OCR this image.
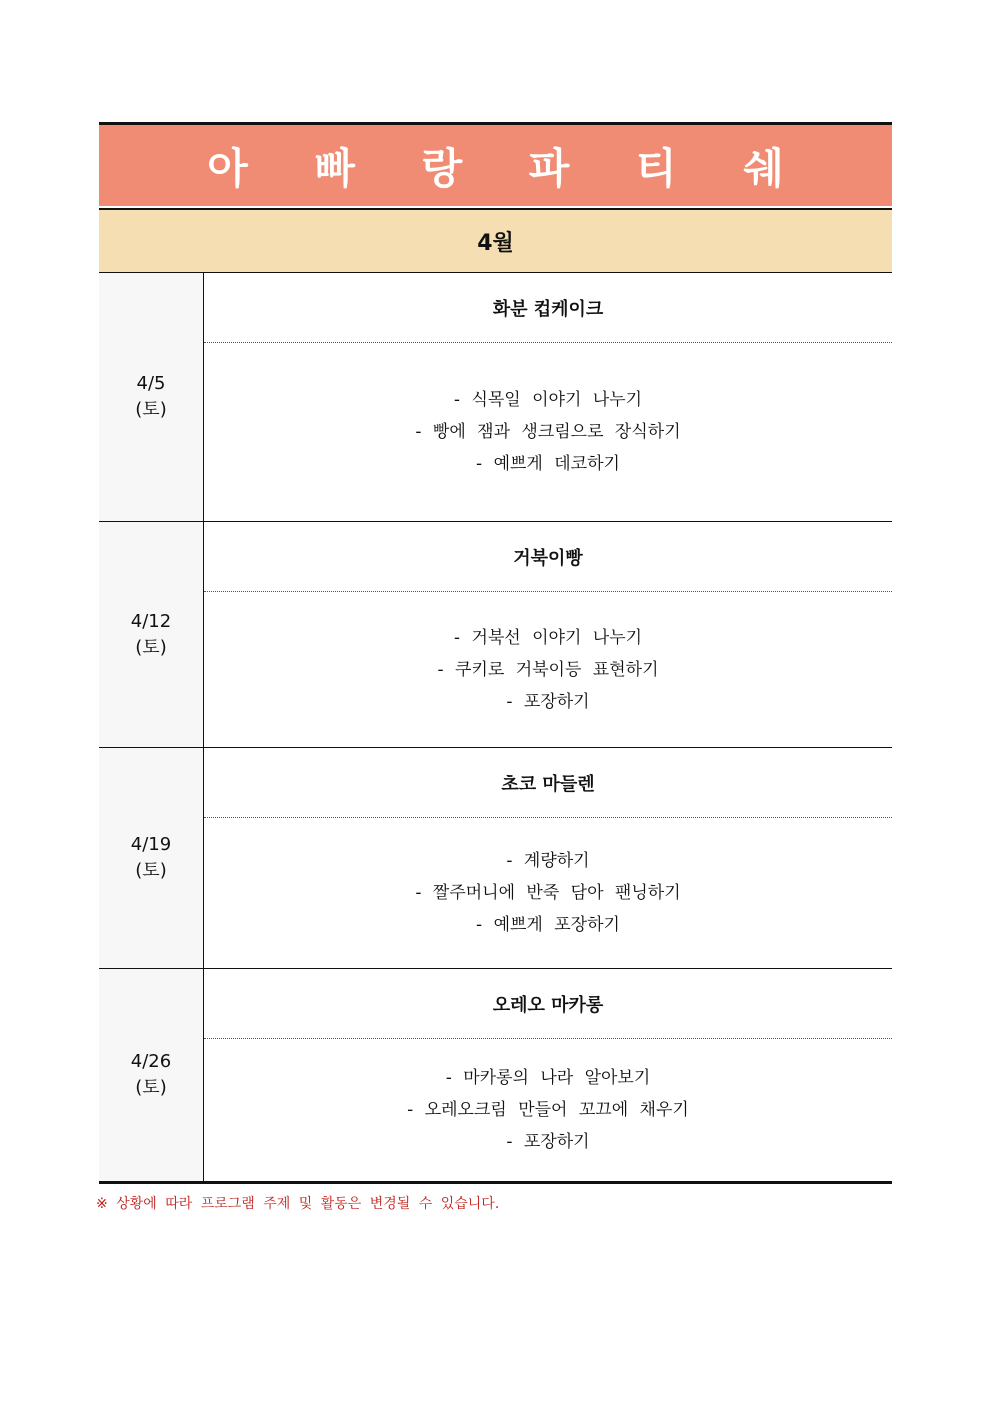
아 빠 랑 파 티 쉐
4월
4/5
(토)
화분 컵케이크
- 식목일 이야기 나누기
- 빵에 잼과 생크림으로 장식하기
- 예쁘게 데코하기
4/12
(토)
거북이빵
- 거북선 이야기 나누기
- 쿠키로 거북이등 표현하기
- 포장하기
4/19
(토)
초코 마들렌
- 계량하기
- 짤주머니에 반죽 담아 팬닝하기
- 예쁘게 포장하기
4/26
(토)
오레오 마카롱
- 마카롱의 나라 알아보기
- 오레오크림 만들어 꼬끄에 채우기
- 포장하기
※ 상황에 따라 프로그램 주제 및 활동은 변경될 수 있습니다.
